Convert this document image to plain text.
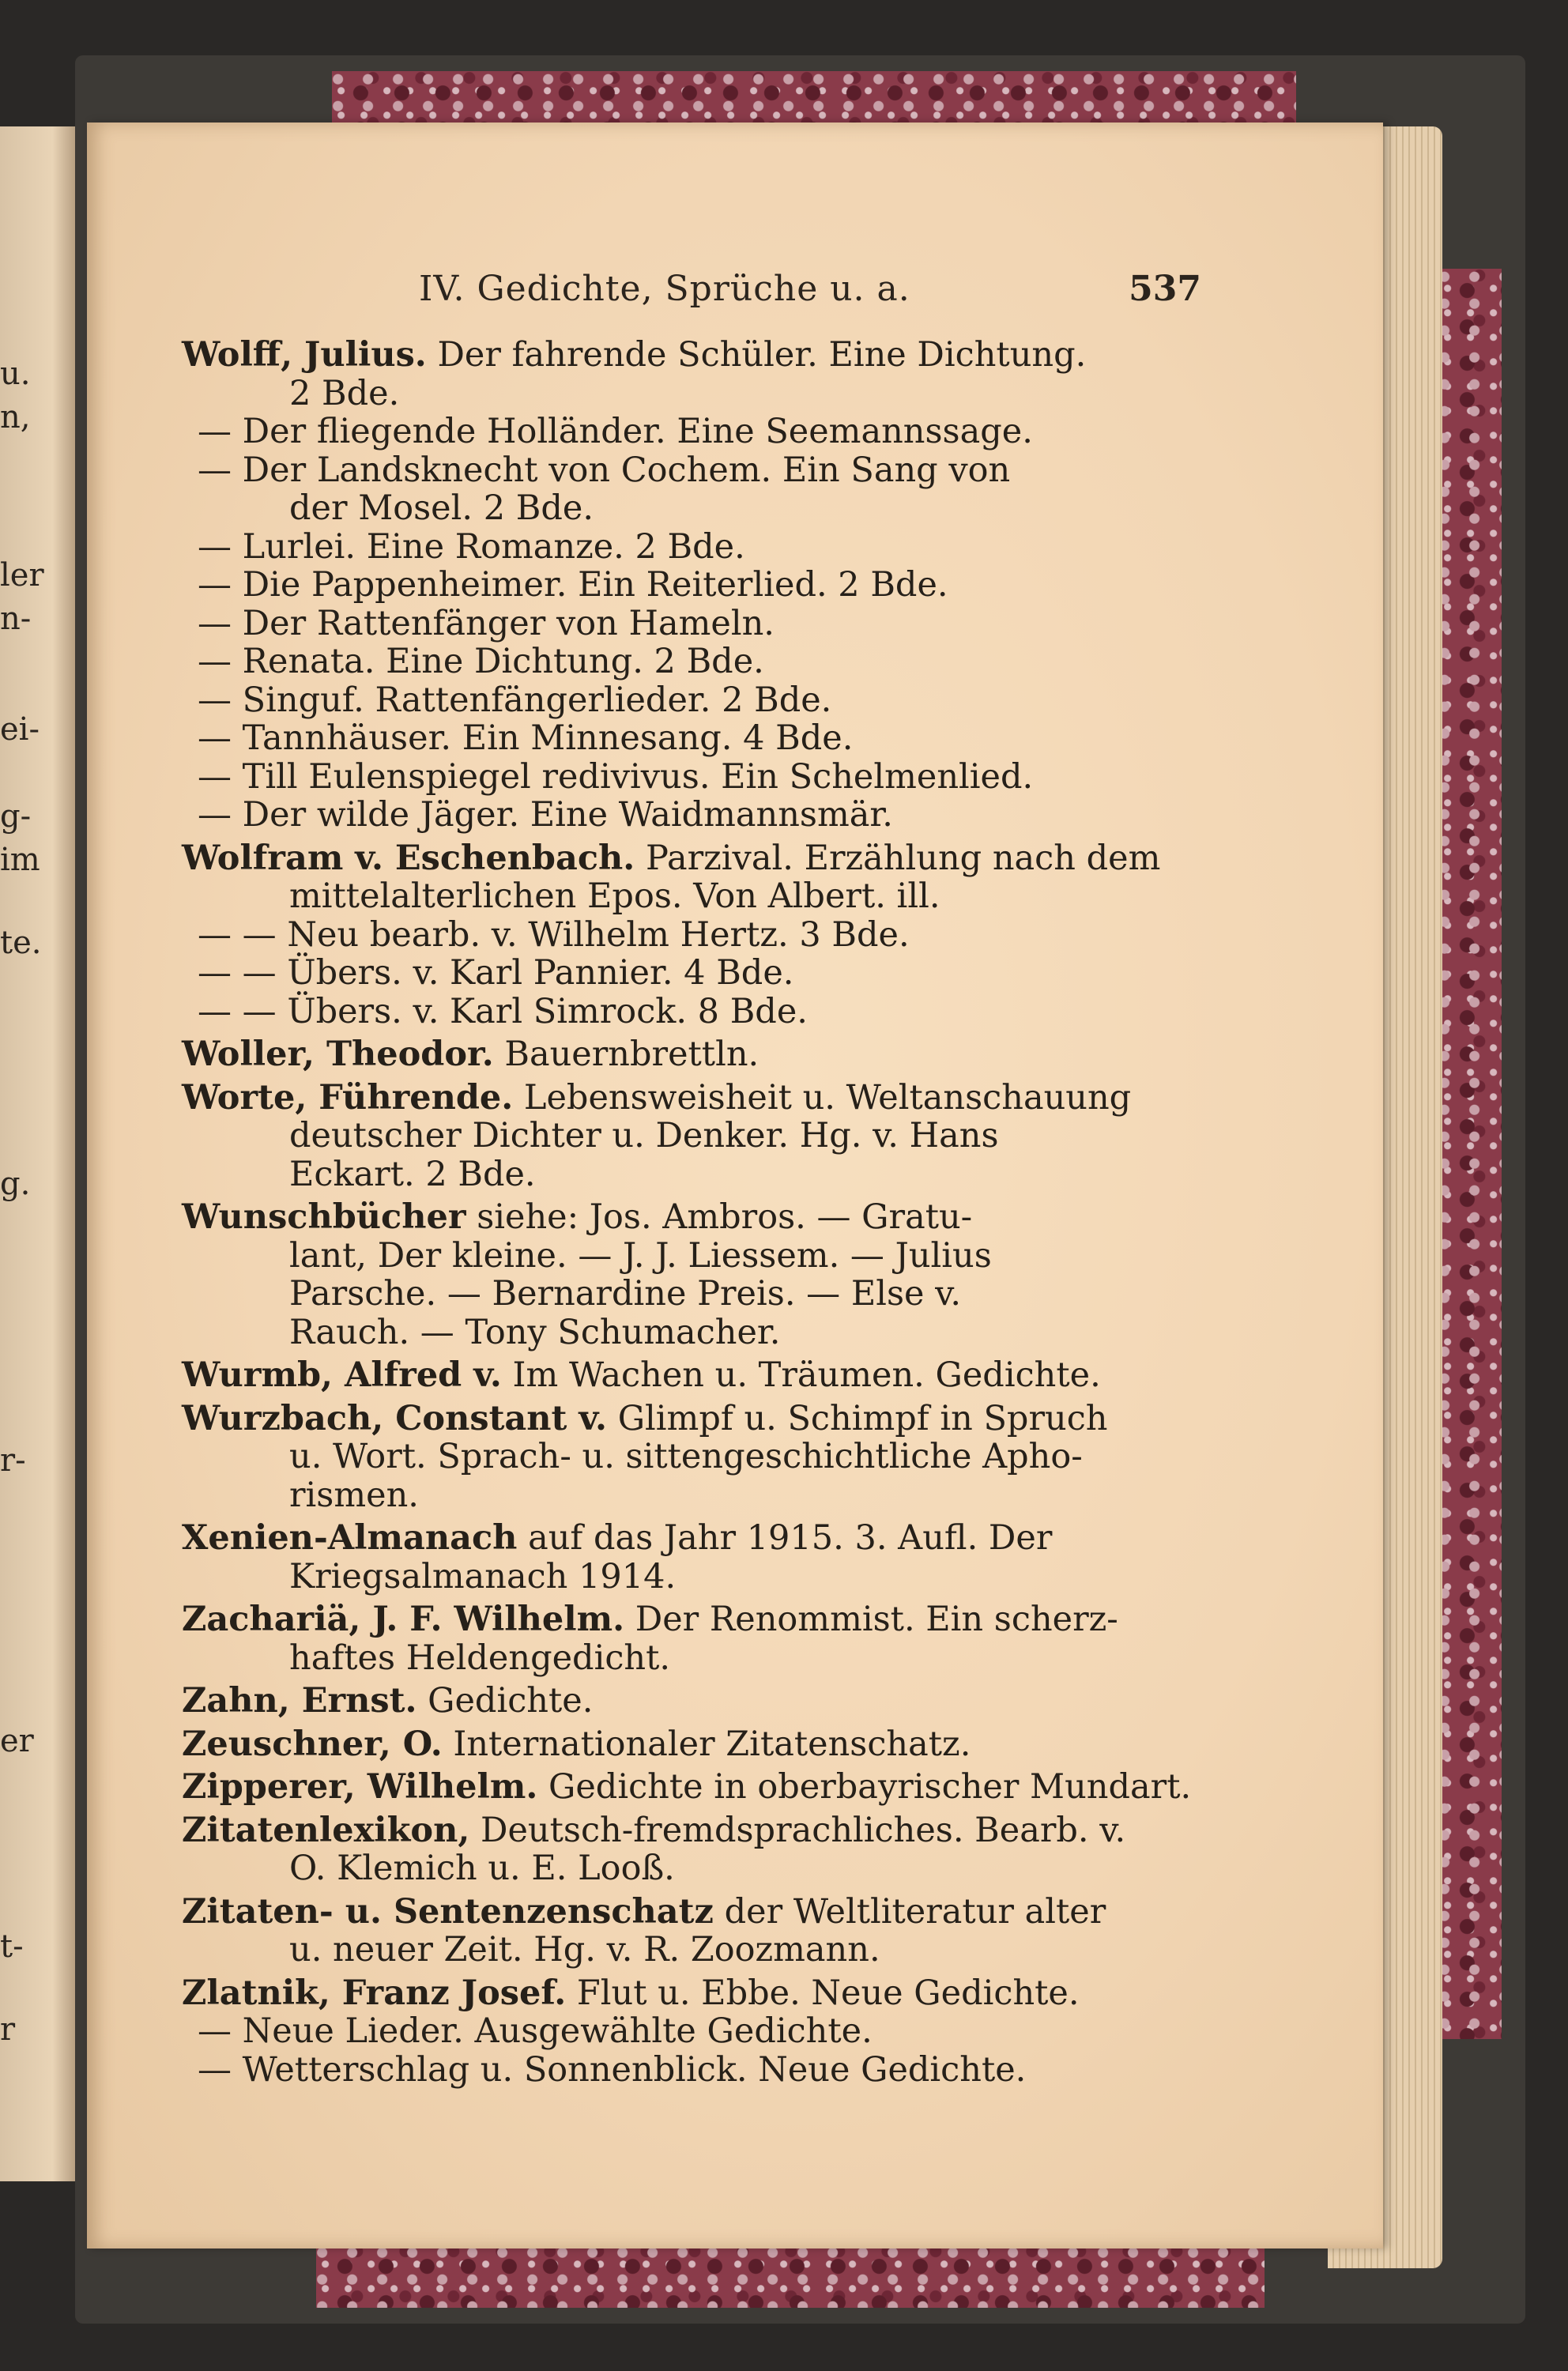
u.
n,
ler
n-
ei-
g-
im
te.
g.
r-
er
t-
r
IV. Gedichte, Sprüche u. a.	537
Wolff, Julius. Der fahrende Schüler. Eine Dichtung.
2 Bde.
— Der fliegende Holländer. Eine Seemannssage.
— Der Landsknecht von Cochem. Ein Sang von
der Mosel. 2 Bde.
— Lurlei. Eine Romanze. 2 Bde.
— Die Pappenheimer. Ein Reiterlied. 2 Bde.
— Der Rattenfänger von Hameln.
— Renata. Eine Dichtung. 2 Bde.
— Singuf. Rattenfängerlieder. 2 Bde.
— Tannhäuser. Ein Minnesang. 4 Bde.
— Till Eulenspiegel redivivus. Ein Schelmenlied.
— Der wilde Jäger. Eine Waidmannsmär.
Wolfram v. Eschenbach. Parzival. Erzählung nach dem
mittelalterlichen Epos. Von Albert. ill.
— — Neu bearb. v. Wilhelm Hertz. 3 Bde.
— — Übers. v. Karl Pannier. 4 Bde.
— — Übers. v. Karl Simrock. 8 Bde.
Woller, Theodor. Bauernbrettln.
Worte, Führende. Lebensweisheit u. Weltanschauung
deutscher Dichter u. Denker. Hg. v. Hans
Eckart. 2 Bde.
Wunschbücher siehe: Jos. Ambros. — Gratu-
lant, Der kleine. — J. J. Liessem. — Julius
Parsche. — Bernardine Preis. — Else v.
Rauch. — Tony Schumacher.
Wurmb, Alfred v. Im Wachen u. Träumen. Gedichte.
Wurzbach, Constant v. Glimpf u. Schimpf in Spruch
u. Wort. Sprach- u. sittengeschichtliche Apho-
rismen.
Xenien-Almanach auf das Jahr 1915. 3. Aufl. Der
Kriegsalmanach 1914.
Zachariä, J. F. Wilhelm. Der Renommist. Ein scherz-
haftes Heldengedicht.
Zahn, Ernst. Gedichte.
Zeuschner, O. Internationaler Zitatenschatz.
Zipperer, Wilhelm. Gedichte in oberbayrischer Mundart.
Zitatenlexikon, Deutsch-fremdsprachliches. Bearb. v.
O. Klemich u. E. Looß.
Zitaten- u. Sentenzenschatz der Weltliteratur alter
u. neuer Zeit. Hg. v. R. Zoozmann.
Zlatnik, Franz Josef. Flut u. Ebbe. Neue Gedichte.
— Neue Lieder. Ausgewählte Gedichte.
— Wetterschlag u. Sonnenblick. Neue Gedichte.
